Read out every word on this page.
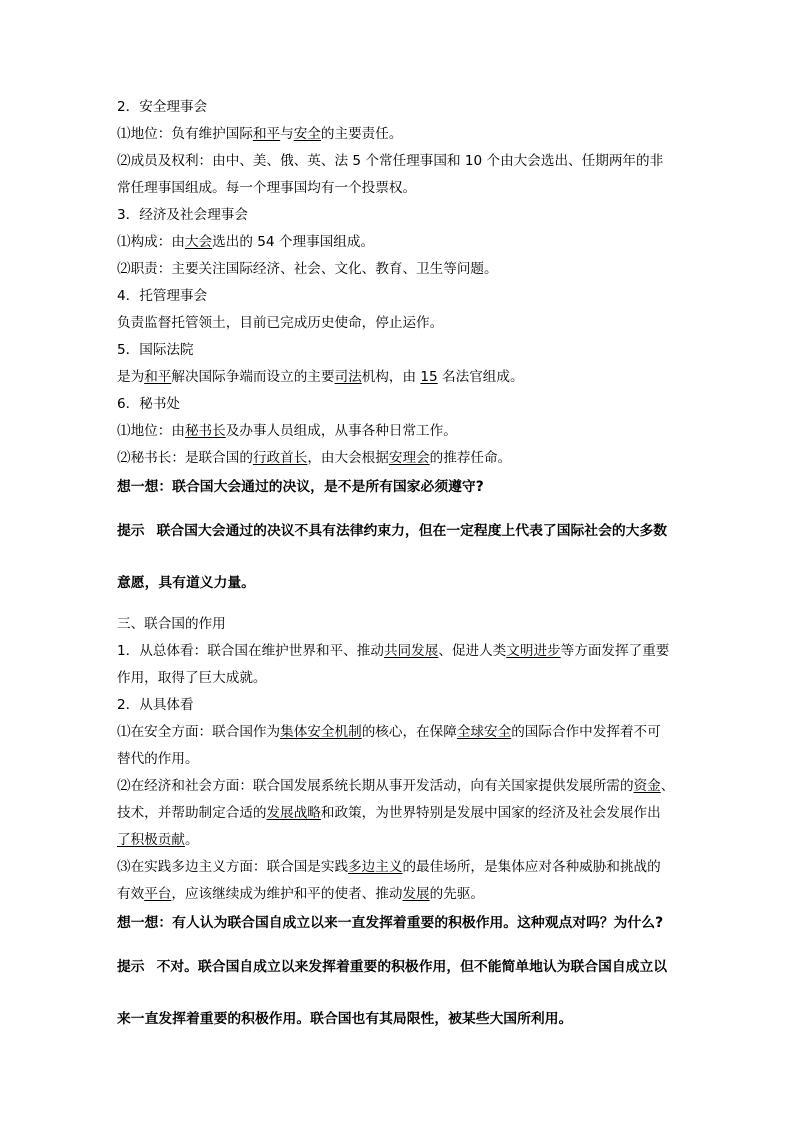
2．安全理事会
⑴地位：负有维护国际和平与安全的主要责任。
⑵成员及权利：由中、美、俄、英、法 5 个常任理事国和 10 个由大会选出、任期两年的非
常任理事国组成。每一个理事国均有一个投票权。
3．经济及社会理事会
⑴构成：由大会选出的 54 个理事国组成。
⑵职责：主要关注国际经济、社会、文化、教育、卫生等问题。
4．托管理事会
负责监督托管领土，目前已完成历史使命，停止运作。
5．国际法院
是为和平解决国际争端而设立的主要司法机构，由 15 名法官组成。
6．秘书处
⑴地位：由秘书长及办事人员组成，从事各种日常工作。
⑵秘书长：是联合国的行政首长，由大会根据安理会的推荐任命。
想一想：联合国大会通过的决议，是不是所有国家必须遵守?
提示 联合国大会通过的决议不具有法律约束力，但在一定程度上代表了国际社会的大多数
意愿，具有道义力量。
三、联合国的作用
1．从总体看：联合国在维护世界和平、推动共同发展、促进人类文明进步等方面发挥了重要
作用，取得了巨大成就。
2．从具体看
⑴在安全方面：联合国作为集体安全机制的核心，在保障全球安全的国际合作中发挥着不可
替代的作用。
⑵在经济和社会方面：联合国发展系统长期从事开发活动，向有关国家提供发展所需的资金、
技术，并帮助制定合适的发展战略和政策，为世界特别是发展中国家的经济及社会发展作出
了积极贡献。
⑶在实践多边主义方面：联合国是实践多边主义的最佳场所，是集体应对各种威胁和挑战的
有效平台，应该继续成为维护和平的使者、推动发展的先驱。
想一想：有人认为联合国自成立以来一直发挥着重要的积极作用。这种观点对吗？为什么?
提示 不对。联合国自成立以来发挥着重要的积极作用，但不能简单地认为联合国自成立以
来一直发挥着重要的积极作用。联合国也有其局限性，被某些大国所利用。
